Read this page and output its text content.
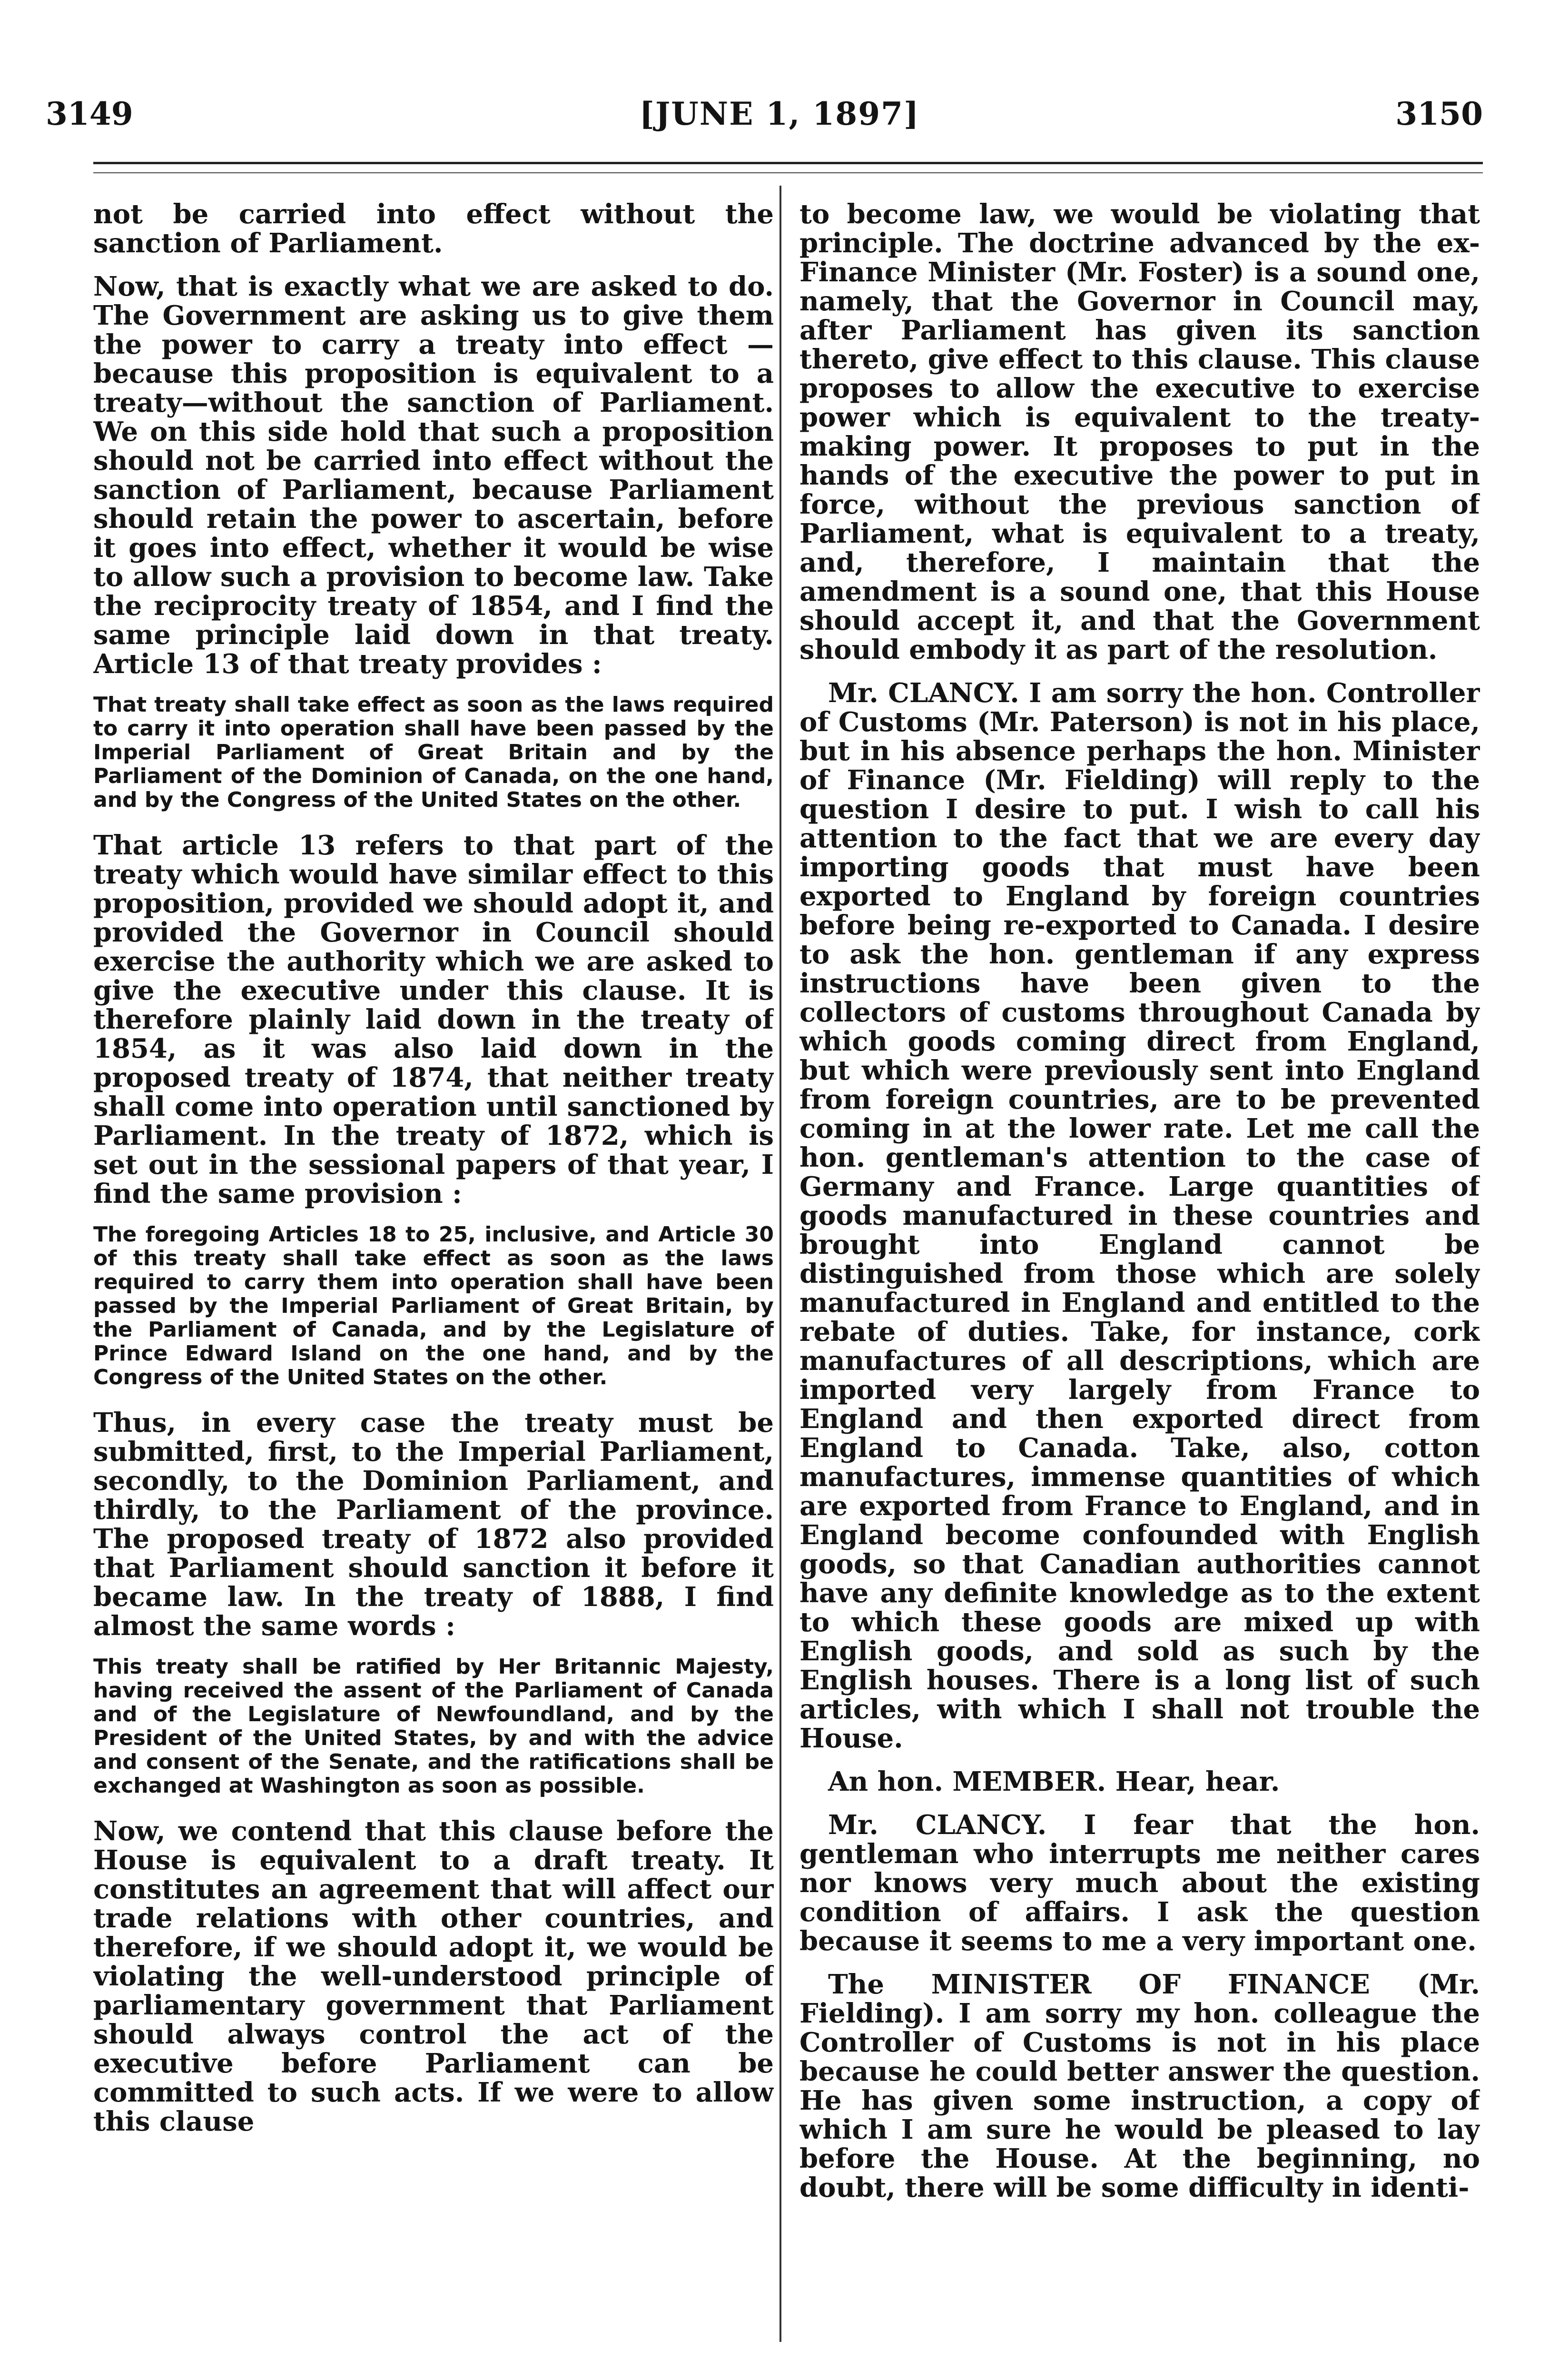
3149	[JUNE 1, 1897]	3150

not be carried into effect without the sanction of Parliament.

Now, that is exactly what we are asked to do. The Government are asking us to give them the power to carry a treaty into effect —because this proposition is equivalent to a treaty—without the sanction of Parliament. We on this side hold that such a proposition should not be carried into effect without the sanction of Parliament, because Parliament should retain the power to ascertain, before it goes into effect, whether it would be wise to allow such a provision to become law. Take the reciprocity treaty of 1854, and I find the same principle laid down in that treaty. Article 13 of that treaty provides :

That treaty shall take effect as soon as the laws required to carry it into operation shall have been passed by the Imperial Parliament of Great Britain and by the Parliament of the Dominion of Canada, on the one hand, and by the Congress of the United States on the other.

That article 13 refers to that part of the treaty which would have similar effect to this proposition, provided we should adopt it, and provided the Governor in Council should exercise the authority which we are asked to give the executive under this clause. It is therefore plainly laid down in the treaty of 1854, as it was also laid down in the proposed treaty of 1874, that neither treaty shall come into operation until sanctioned by Parliament. In the treaty of 1872, which is set out in the sessional papers of that year, I find the same provision :

The foregoing Articles 18 to 25, inclusive, and Article 30 of this treaty shall take effect as soon as the laws required to carry them into operation shall have been passed by the Imperial Parliament of Great Britain, by the Parliament of Canada, and by the Legislature of Prince Edward Island on the one hand, and by the Congress of the United States on the other.

Thus, in every case the treaty must be submitted, first, to the Imperial Parliament, secondly, to the Dominion Parliament, and thirdly, to the Parliament of the province. The proposed treaty of 1872 also provided that Parliament should sanction it before it became law. In the treaty of 1888, I find almost the same words :

This treaty shall be ratified by Her Britannic Majesty, having received the assent of the Parliament of Canada and of the Legislature of Newfoundland, and by the President of the United States, by and with the advice and consent of the Senate, and the ratifications shall be exchanged at Washington as soon as possible.

Now, we contend that this clause before the House is equivalent to a draft treaty. It constitutes an agreement that will affect our trade relations with other countries, and therefore, if we should adopt it, we would be violating the well-understood principle of parliamentary government that Parliament should always control the act of the executive before Parliament can be committed to such acts. If we were to allow this clause

to become law, we would be violating that principle. The doctrine advanced by the ex-Finance Minister (Mr. Foster) is a sound one, namely, that the Governor in Council may, after Parliament has given its sanction thereto, give effect to this clause. This clause proposes to allow the executive to exercise power which is equivalent to the treaty-making power. It proposes to put in the hands of the executive the power to put in force, without the previous sanction of Parliament, what is equivalent to a treaty, and, therefore, I maintain that the amendment is a sound one, that this House should accept it, and that the Government should embody it as part of the resolution.

Mr. CLANCY. I am sorry the hon. Controller of Customs (Mr. Paterson) is not in his place, but in his absence perhaps the hon. Minister of Finance (Mr. Fielding) will reply to the question I desire to put. I wish to call his attention to the fact that we are every day importing goods that must have been exported to England by foreign countries before being re-exported to Canada. I desire to ask the hon. gentleman if any express instructions have been given to the collectors of customs throughout Canada by which goods coming direct from England, but which were previously sent into England from foreign countries, are to be prevented coming in at the lower rate. Let me call the hon. gentleman's attention to the case of Germany and France. Large quantities of goods manufactured in these countries and brought into England cannot be distinguished from those which are solely manufactured in England and entitled to the rebate of duties. Take, for instance, cork manufactures of all descriptions, which are imported very largely from France to England and then exported direct from England to Canada. Take, also, cotton manufactures, immense quantities of which are exported from France to England, and in England become confounded with English goods, so that Canadian authorities cannot have any definite knowledge as to the extent to which these goods are mixed up with English goods, and sold as such by the English houses. There is a long list of such articles, with which I shall not trouble the House.

An hon. MEMBER. Hear, hear.

Mr. CLANCY. I fear that the hon. gentleman who interrupts me neither cares nor knows very much about the existing condition of affairs. I ask the question because it seems to me a very important one.

The MINISTER OF FINANCE (Mr. Fielding). I am sorry my hon. colleague the Controller of Customs is not in his place because he could better answer the question. He has given some instruction, a copy of which I am sure he would be pleased to lay before the House. At the beginning, no doubt, there will be some difficulty in identi-
